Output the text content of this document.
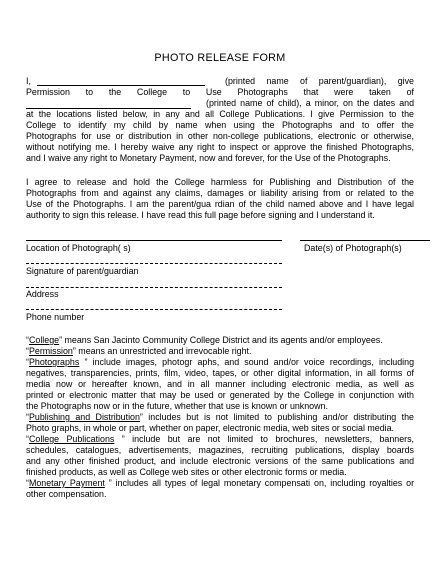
PHOTO RELEASE FORM
I,	(printed name of parent/guardian), give
Permission to the College to Use Photographs that were taken of
(printed name of child), a minor, on the dates and
at the locations listed below, in any and all College Publications. I give Permission to the
College to identify my child by name when using the Photographs and to offer the
Photographs for use or distribution in other non-college publications, electronic or otherwise,
without notifying me. I hereby waive any right to inspect or approve the finished Photographs,
and I waive any right to Monetary Payment, now and forever, for the Use of the Photographs.
I agree to release and hold the College harmless for Publishing and Distribution of the
Photographs from and against any claims, damages or liability arising from or related to the
Use of the Photographs. I am the parent/gua rdian of the child named above and I have legal
authority to sign this release. I have read this full page before signing and I understand it.
Location of Photograph( s)	Date(s) of Photograph(s)
Signature of parent/guardian
Address
Phone number
“College” means San Jacinto Community College District and its agents and/or employees.
“Permission” means an unrestricted and irrevocable right.
“Photographs ” include images, photogr aphs, and sound and/or voice recordings, including
negatives, transparencies, prints, film, video, tapes, or other digital information, in all forms of
media now or hereafter known, and in all manner including electronic media, as well as
printed or electronic matter that may be used or generated by the College in conjunction with
the Photographs now or in the future, whether that use is known or unknown.
“Publishing and Distribution” includes but is not limited to publishing and/or distributing the
Photo graphs, in whole or part, whether on paper, electronic media, web sites or social media.
“College Publications ” include but are not limited to brochures, newsletters, banners,
schedules, catalogues, advertisements, magazines, recruiting publications, display boards
and any other finished product, and include electronic versions of the same publications and
finished products, as well as College web sites or other electronic forms or media.
“Monetary Payment ” includes all types of legal monetary compensati on, including royalties or
other compensation.
